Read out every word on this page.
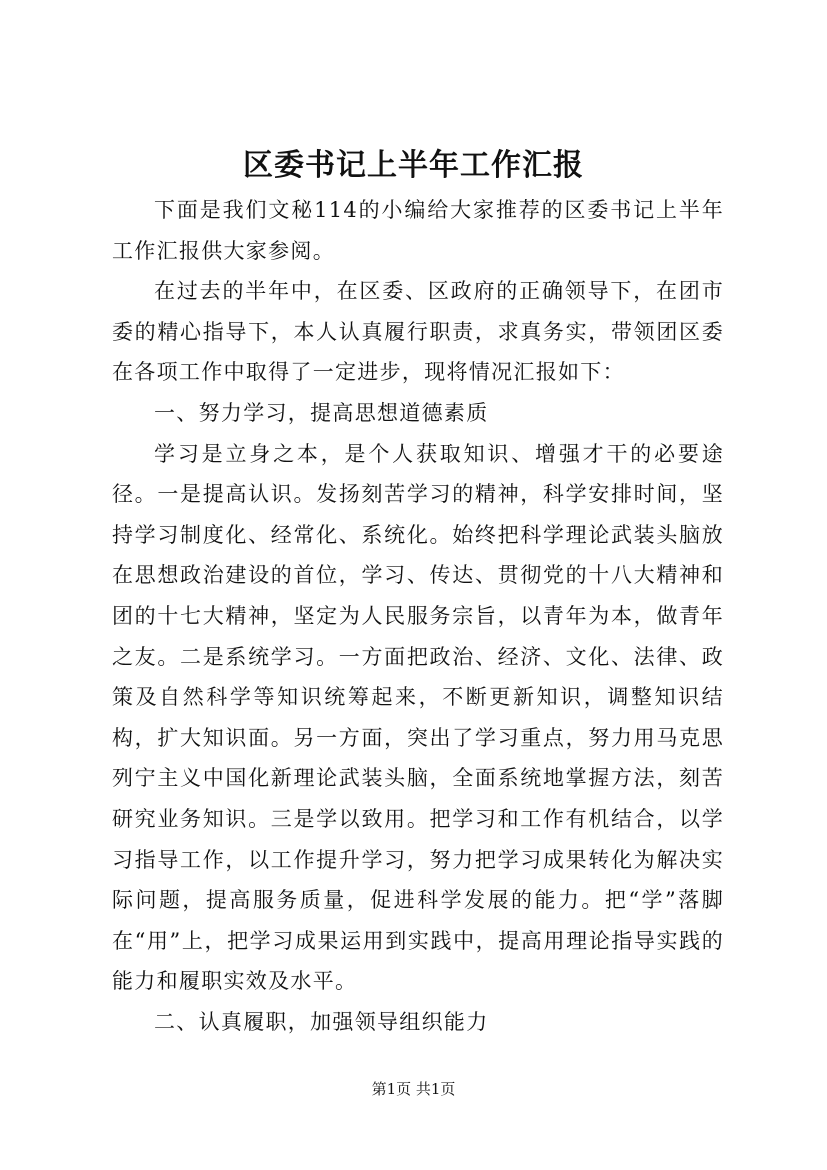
区委书记上半年工作汇报

下面是我们文秘114的小编给大家推荐的区委书记上半年工作汇报供大家参阅。

在过去的半年中，在区委、区政府的正确领导下，在团市委的精心指导下，本人认真履行职责，求真务实，带领团区委在各项工作中取得了一定进步，现将情况汇报如下：

一、努力学习，提高思想道德素质

学习是立身之本，是个人获取知识、增强才干的必要途径。一是提高认识。发扬刻苦学习的精神，科学安排时间，坚持学习制度化、经常化、系统化。始终把科学理论武装头脑放在思想政治建设的首位，学习、传达、贯彻党的十八大精神和团的十七大精神，坚定为人民服务宗旨，以青年为本，做青年之友。二是系统学习。一方面把政治、经济、文化、法律、政策及自然科学等知识统筹起来，不断更新知识，调整知识结构，扩大知识面。另一方面，突出了学习重点，努力用马克思列宁主义中国化新理论武装头脑，全面系统地掌握方法，刻苦研究业务知识。三是学以致用。把学习和工作有机结合，以学习指导工作，以工作提升学习，努力把学习成果转化为解决实际问题，提高服务质量，促进科学发展的能力。把“学”落脚在“用”上，把学习成果运用到实践中，提高用理论指导实践的能力和履职实效及水平。

二、认真履职，加强领导组织能力

第1页 共1页
